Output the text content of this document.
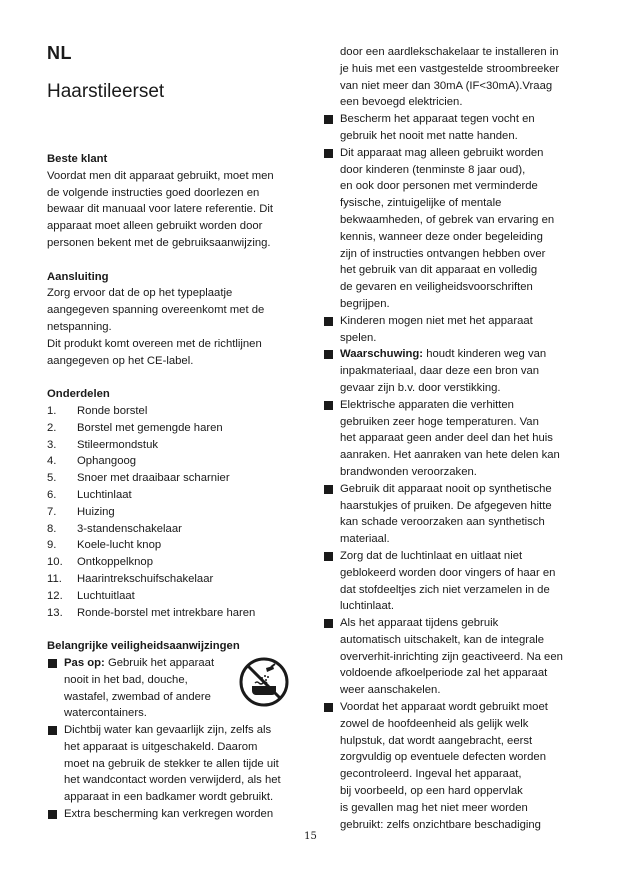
NL
Haarstileerset

Beste klant

Voordat men dit apparaat gebruikt, moet men
de volgende instructies goed doorlezen en
bewaar dit manuaal voor latere referentie. Dit
apparaat moet alleen gebruikt worden door
personen bekent met de gebruiksaanwijzing.

Aansluiting

Zorg ervoor dat de op het typeplaatje
aangegeven spanning overeenkomt met de
netspanning.
Dit produkt komt overeen met de richtlijnen
aangegeven op het CE-label.

Onderdelen

1. Ronde borstel
2. Borstel met gemengde haren
3. Stileermondstuk
4. Ophangoog
5. Snoer met draaibaar scharnier
6. Luchtinlaat
7. Huizing
8. 3-standenschakelaar
9. Koele-lucht knop
10. Ontkoppelknop
11. Haarintrekschuifschakelaar
12. Luchtuitlaat
13. Ronde-borstel met intrekbare haren

Belangrijke veiligheidsaanwijzingen

Pas op: Gebruik het apparaat
nooit in het bad, douche,
wastafel, zwembad of andere
watercontainers.
Dichtbij water kan gevaarlijk zijn, zelfs als
het apparaat is uitgeschakeld. Daarom
moet na gebruik de stekker te allen tijde uit
het wandcontact worden verwijderd, als het
apparaat in een badkamer wordt gebruikt.
Extra bescherming kan verkregen worden
door een aardlekschakelaar te installeren in
je huis met een vastgestelde stroombreeker
van niet meer dan 30mA (IF<30mA).Vraag
een bevoegd elektricien.
Bescherm het apparaat tegen vocht en
gebruik het nooit met natte handen.
Dit apparaat mag alleen gebruikt worden
door kinderen (tenminste 8 jaar oud),
en ook door personen met verminderde
fysische, zintuigelijke of mentale
bekwaamheden, of gebrek van ervaring en
kennis, wanneer deze onder begeleiding
zijn of instructies ontvangen hebben over
het gebruik van dit apparaat en volledig
de gevaren en veiligheidsvoorschriften
begrijpen.
Kinderen mogen niet met het apparaat
spelen.
Waarschuwing: houdt kinderen weg van
inpakmateriaal, daar deze een bron van
gevaar zijn b.v. door verstikking.
Elektrische apparaten die verhitten
gebruiken zeer hoge temperaturen. Van
het apparaat geen ander deel dan het huis
aanraken. Het aanraken van hete delen kan
brandwonden veroorzaken.
Gebruik dit apparaat nooit op synthetische
haarstukjes of pruiken. De afgegeven hitte
kan schade veroorzaken aan synthetisch
materiaal.
Zorg dat de luchtinlaat en uitlaat niet
geblokeerd worden door vingers of haar en
dat stofdeeltjes zich niet verzamelen in de
luchtinlaat.
Als het apparaat tijdens gebruik
automatisch uitschakelt, kan de integrale
oververhit-inrichting zijn geactiveerd. Na een
voldoende afkoelperiode zal het apparaat
weer aanschakelen.
Voordat het apparaat wordt gebruikt moet
zowel de hoofdeenheid als gelijk welk
hulpstuk, dat wordt aangebracht, eerst
zorgvuldig op eventuele defecten worden
gecontroleerd. Ingeval het apparaat,
bij voorbeeld, op een hard oppervlak
is gevallen mag het niet meer worden
gebruikt: zelfs onzichtbare beschadiging
15
